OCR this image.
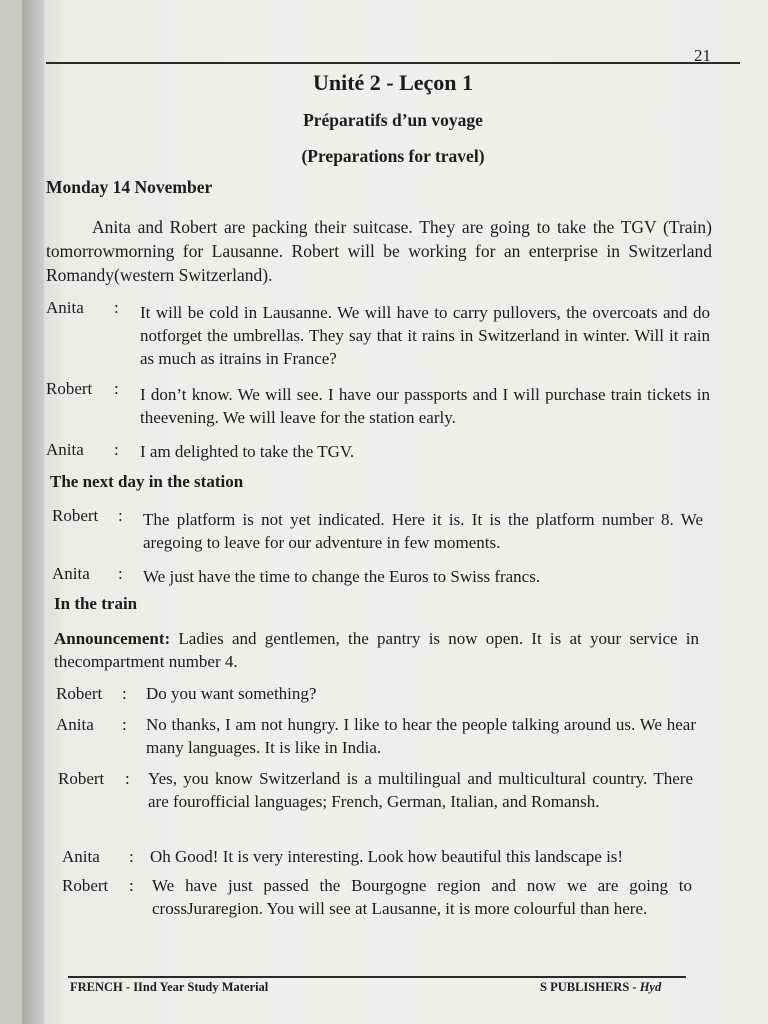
21
Unité 2 - Leçon 1
Préparatifs d’un voyage
(Preparations for travel)
Monday 14 November
Anita and Robert are packing their suitcase. They are going to take the TGV (Train) tomorrowmorning for Lausanne. Robert will be working for an enterprise in Switzerland Romandy(western Switzerland).
Anita : It will be cold in Lausanne. We will have to carry pullovers, the overcoats and do notforget the umbrellas. They say that it rains in Switzerland in winter. Will it rain as much as itrains in France?
Robert : I don’t know. We will see. I have our passports and I will purchase train tickets in theevening. We will leave for the station early.
Anita : I am delighted to take the TGV.
The next day in the station
Robert : The platform is not yet indicated. Here it is. It is the platform number 8. We aregoing to leave for our adventure in few moments.
Anita : We just have the time to change the Euros to Swiss francs.
In the train
Announcement: Ladies and gentlemen, the pantry is now open. It is at your service in thecompartment number 4.
Robert : Do you want something?
Anita : No thanks, I am not hungry. I like to hear the people talking around us. We hear many languages. It is like in India.
Robert : Yes, you know Switzerland is a multilingual and multicultural country. There are fourofficial languages; French, German, Italian, and Romansh.
Anita : Oh Good! It is very interesting. Look how beautiful this landscape is!
Robert : We have just passed the Bourgogne region and now we are going to crossJuraregion. You will see at Lausanne, it is more colourful than here.
FRENCH - IInd Year Study Material	S PUBLISHERS - Hyd
